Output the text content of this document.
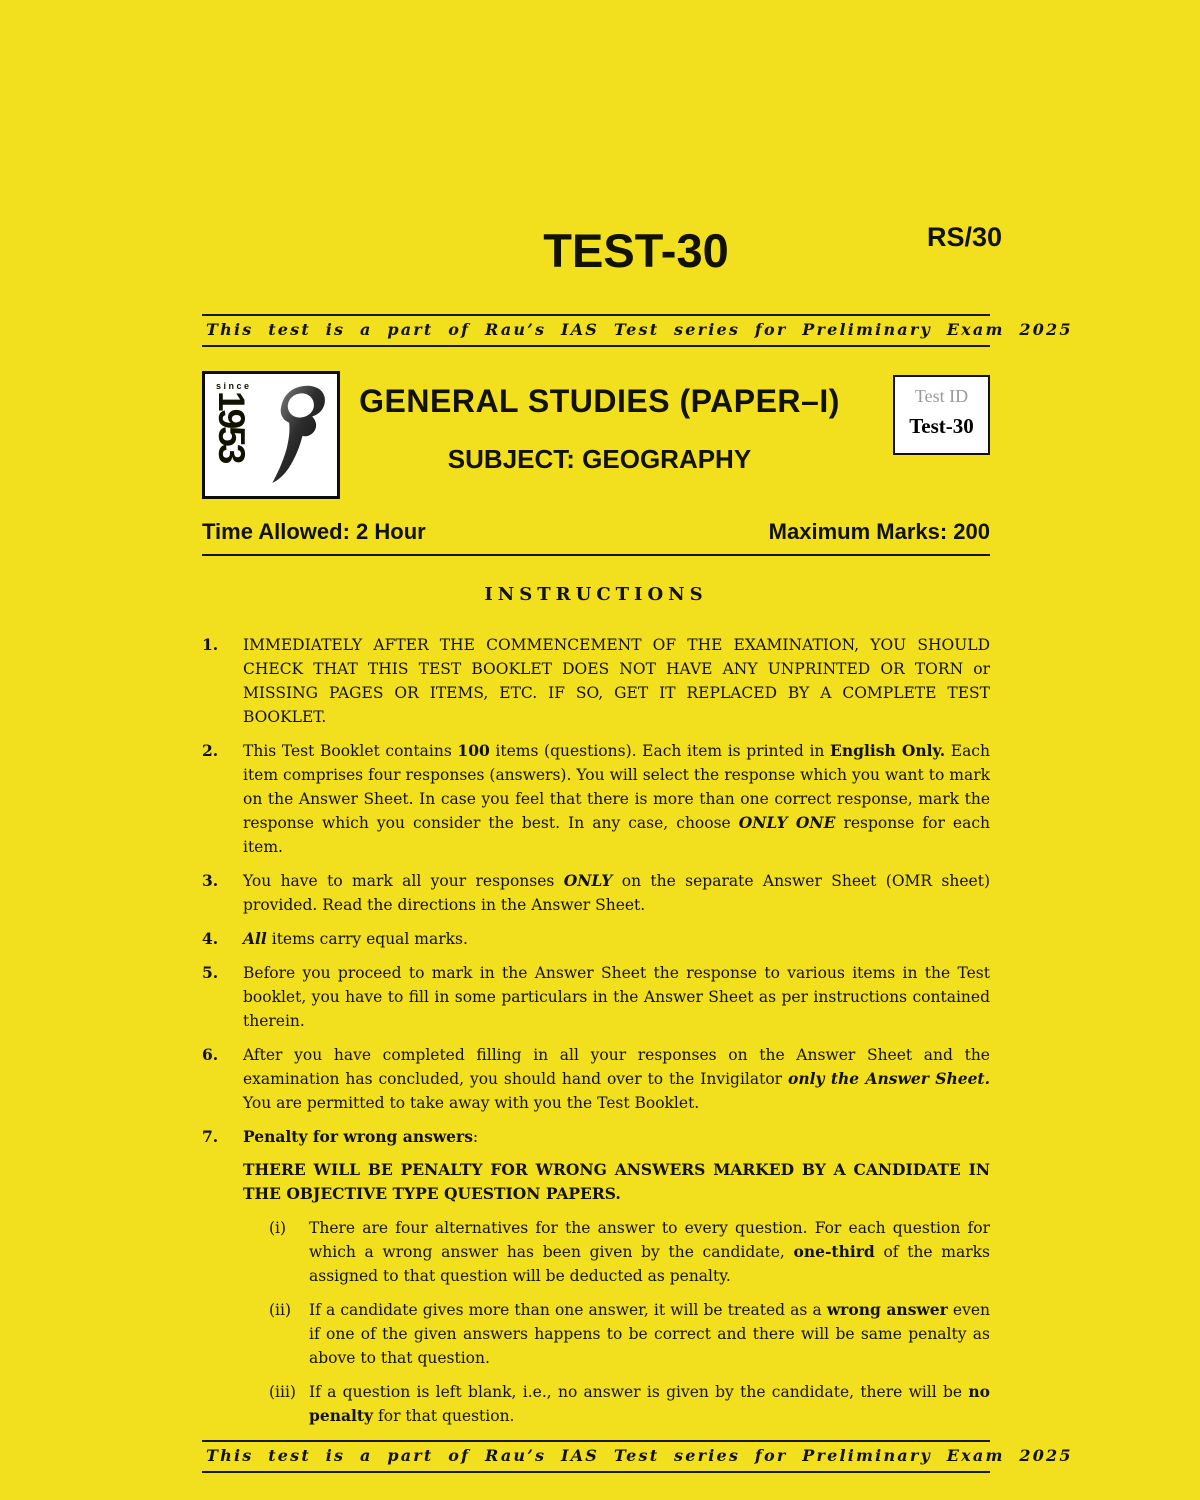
TEST-30	RS/30
This test is a part of Rau’s IAS Test series for Preliminary Exam 2025
since
1953	GENERAL STUDIES (PAPER–I)
SUBJECT: GEOGRAPHY
Test ID
Test-30
Time Allowed: 2 Hour	Maximum Marks: 200
INSTRUCTIONS
1.	IMMEDIATELY AFTER THE COMMENCEMENT OF THE EXAMINATION, YOU SHOULD CHECK THAT THIS TEST BOOKLET DOES NOT HAVE ANY UNPRINTED OR TORN or MISSING PAGES OR ITEMS, ETC. IF SO, GET IT REPLACED BY A COMPLETE TEST BOOKLET.
2.	This Test Booklet contains 100 items (questions). Each item is printed in English Only. Each item comprises four responses (answers). You will select the response which you want to mark on the Answer Sheet. In case you feel that there is more than one correct response, mark the response which you consider the best. In any case, choose ONLY ONE response for each item.
3.	You have to mark all your responses ONLY on the separate Answer Sheet (OMR sheet) provided. Read the directions in the Answer Sheet.
4.	All items carry equal marks.
5.	Before you proceed to mark in the Answer Sheet the response to various items in the Test booklet, you have to fill in some particulars in the Answer Sheet as per instructions contained therein.
6.	After you have completed filling in all your responses on the Answer Sheet and the examination has concluded, you should hand over to the Invigilator only the Answer Sheet. You are permitted to take away with you the Test Booklet.
7.	Penalty for wrong answers:
THERE WILL BE PENALTY FOR WRONG ANSWERS MARKED BY A CANDIDATE IN THE OBJECTIVE TYPE QUESTION PAPERS.
(i)	There are four alternatives for the answer to every question. For each question for which a wrong answer has been given by the candidate, one-third of the marks assigned to that question will be deducted as penalty.
(ii)	If a candidate gives more than one answer, it will be treated as a wrong answer even if one of the given answers happens to be correct and there will be same penalty as above to that question.
(iii) If a question is left blank, i.e., no answer is given by the candidate, there will be no penalty for that question.
This test is a part of Rau’s IAS Test series for Preliminary Exam 2025
